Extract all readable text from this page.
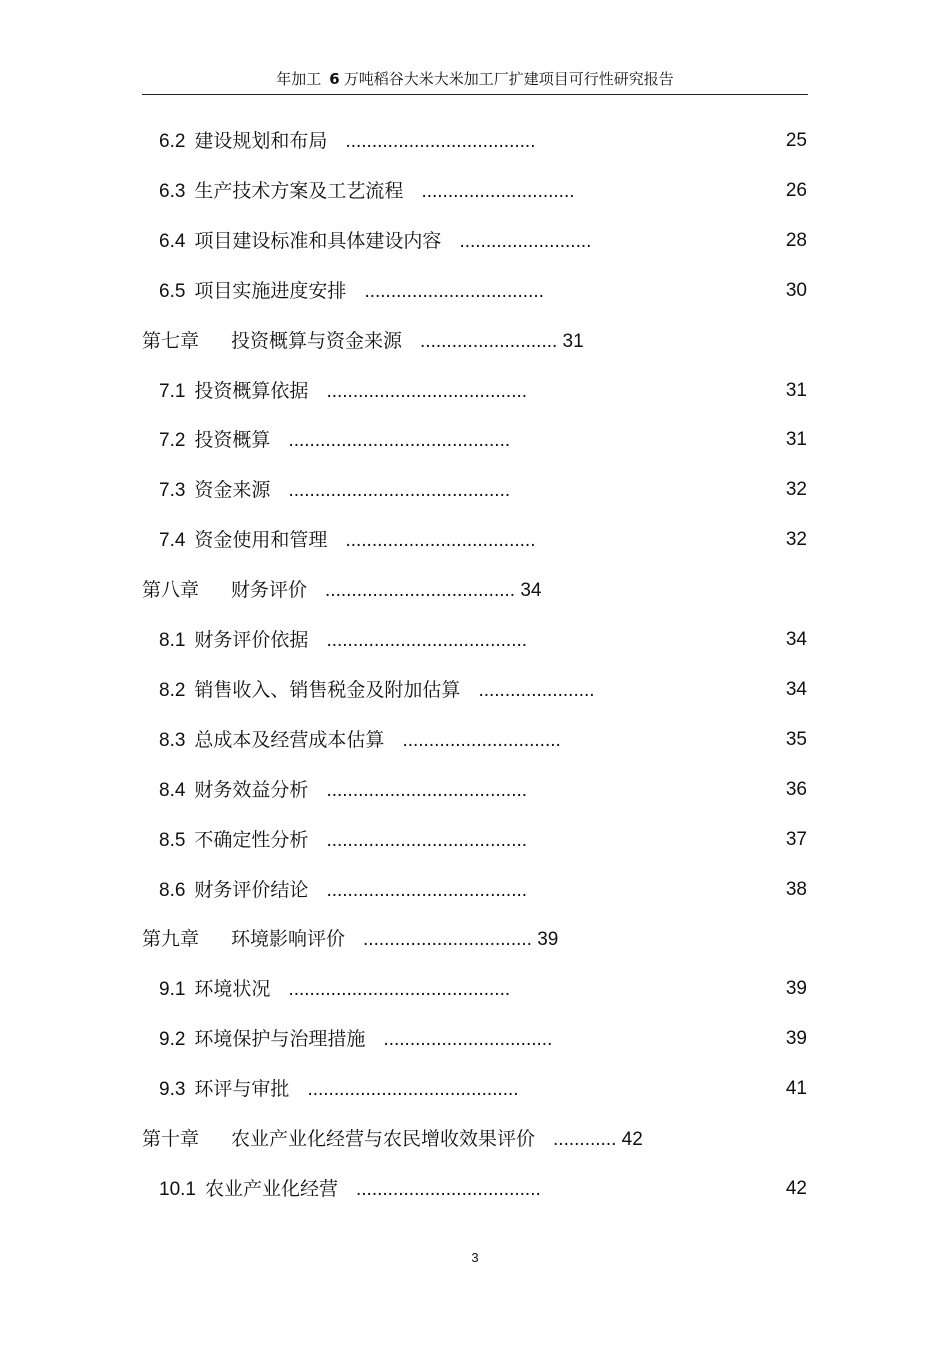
年加工 6 万吨稻谷大米大米加工厂扩建项目可行性研究报告
6.2 建设规划和布局 ....................................	25
6.3 生产技术方案及工艺流程 .............................	26
6.4 项目建设标准和具体建设内容 .........................	28
6.5 项目实施进度安排 ..................................	30
第七章 投资概算与资金来源 .......................... 31
7.1 投资概算依据 ......................................	31
7.2 投资概算 ..........................................	31
7.3 资金来源 ..........................................	32
7.4 资金使用和管理 ....................................	32
第八章 财务评价 .................................... 34
8.1 财务评价依据 ......................................	34
8.2 销售收入、销售税金及附加估算 ......................	34
8.3 总成本及经营成本估算 ..............................	35
8.4 财务效益分析 ......................................	36
8.5 不确定性分析 ......................................	37
8.6 财务评价结论 ......................................	38
第九章 环境影响评价 ................................ 39
9.1 环境状况 ..........................................	39
9.2 环境保护与治理措施 ................................	39
9.3 环评与审批 ........................................	41
第十章 农业产业化经营与农民增收效果评价 ............ 42
10.1 农业产业化经营 ...................................	42
3
